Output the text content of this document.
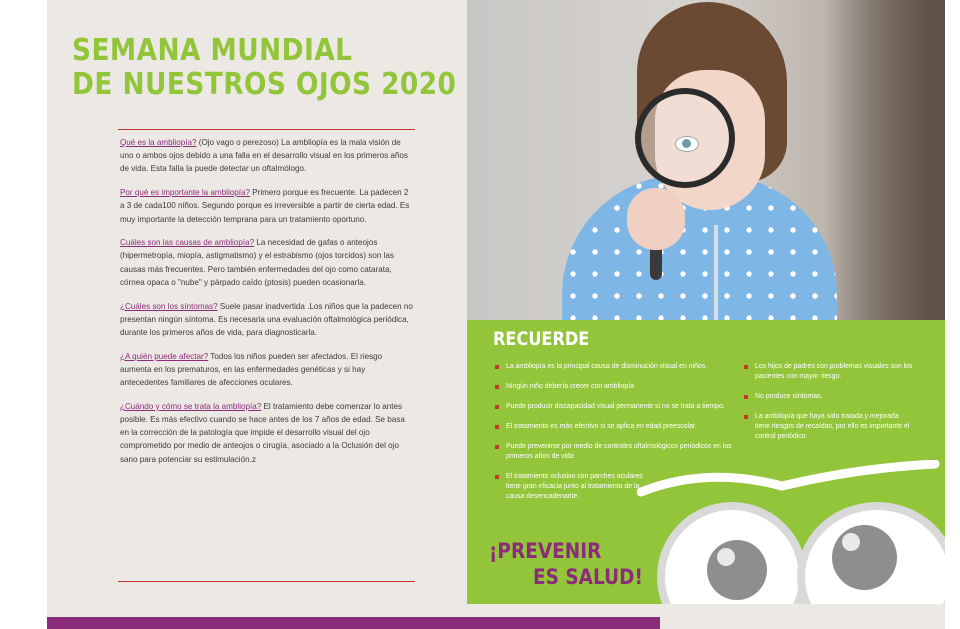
SEMANA MUNDIAL
DE NUESTROS OJOS 2020

Qué es la ambliopía? (Ojo vago o perezoso) La ambliopía es la mala visión de uno o ambos ojos debido a una falla en el desarrollo visual en los primeros años de vida. Esta falla la puede detectar un oftalmólogo.

Por qué es importante la ambliopía? Primero porque es frecuente. La padecen 2 a 3 de cada100 niños. Segundo porque es irreversible a partir de cierta edad. Es muy importante la detección temprana para un tratamiento oportuno.

Cuáles son las causas de ambliopía? La necesidad de gafas o anteojos (hipermetropía, miopía, astigmatismo) y el estrabismo (ojos torcidos) son las causas más frecuentes. Pero también enfermedades del ojo como catarata, córnea opaca o "nube" y párpado caído (ptosis) pueden ocasionarla.

¿Cuáles son los síntomas? Suele pasar inadvertida .Los niños que la padecen no presentan ningún síntoma. Es necesaria una evaluación oftalmológica periódica, durante los primeros años de vida, para diagnosticarla.

¿A quién puede afectar? Todos los niños pueden ser afectados. El riesgo aumenta en los prematuros, en las enfermedades genéticas y si hay antecedentes familiares de afecciones oculares.

¿Cuándo y cómo se trata la ambliopía? El tratamiento debe comenzar lo antes posible. Es más efectivo cuando se hace antes de los 7 años de edad. Se basa en la corrección de la patología que impide el desarrollo visual del ojo comprometido por medio de anteojos o cirugía, asociado a la Oclusión del ojo sano para potenciar su estimulación.z

RECUERDE
La ambliopía es la principal causa de disminución visual en niños.
Ningún niño debería crecer con ambliopía
Puede producir discapacidad visual permanente si no se trata a tiempo.
El tratamiento es más efectivo si se aplica en edad preescolar.
Puede prevenirse por medio de controles oftalmológicos periódicos en los primeros años de vida
El tratamiento oclusivo con parches oculares tiene gran eficacia junto al tratamiento de la causa desencadenante.
Los hijos de padres con problemas visuales son los pacientes con mayor riesgo.
No produce síntomas.
La ambliopía que haya sido tratada y mejorada tiene riesgos de recaídas, por ello es importante el control periódico.

¡PREVENIR
ES SALUD!
